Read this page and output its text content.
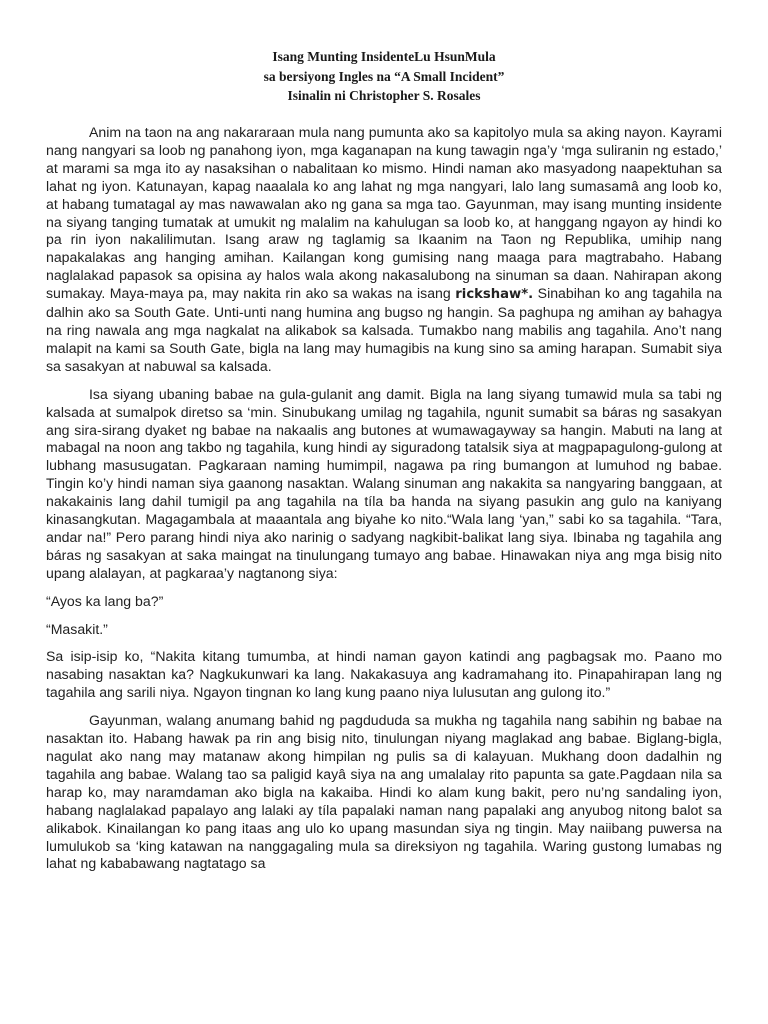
Isang Munting InsidenteLu HsunMula
sa bersiyong Ingles na “A Small Incident”
Isinalin ni Christopher S. Rosales

Anim na taon na ang nakararaan mula nang pumunta ako sa kapitolyo mula sa aking nayon. Kayrami nang nangyari sa loob ng panahong iyon, mga kaganapan na kung tawagin nga’y ‘mga suliranin ng estado,’ at marami sa mga ito ay nasaksihan o nabalitaan ko mismo. Hindi naman ako masyadong naapektuhan sa lahat ng iyon. Katunayan, kapag naaalala ko ang lahat ng mga nangyari, lalo lang sumasamâ ang loob ko, at habang tumatagal ay mas nawawalan ako ng gana sa mga tao. Gayunman, may isang munting insidente na siyang tanging tumatak at umukit ng malalim na kahulugan sa loob ko, at hanggang ngayon ay hindi ko pa rin iyon nakalilimutan. Isang araw ng taglamig sa Ikaanim na Taon ng Republika, umihip nang napakalakas ang hanging amihan. Kailangan kong gumising nang maaga para magtrabaho. Habang naglalakad papasok sa opisina ay halos wala akong nakasalubong na sinuman sa daan. Nahirapan akong sumakay. Maya-maya pa, may nakita rin ako sa wakas na isang rickshaw*. Sinabihan ko ang tagahila na dalhin ako sa South Gate. Unti-unti nang humina ang bugso ng hangin. Sa paghupa ng amihan ay bahagya na ring nawala ang mga nagkalat na alikabok sa kalsada. Tumakbo nang mabilis ang tagahila. Ano’t nang malapit na kami sa South Gate, bigla na lang may humagibis na kung sino sa aming harapan. Sumabit siya sa sasakyan at nabuwal sa kalsada.

Isa siyang ubaning babae na gula-gulanit ang damit. Bigla na lang siyang tumawid mula sa tabi ng kalsada at sumalpok diretso sa ‘min. Sinubukang umilag ng tagahila, ngunit sumabit sa báras ng sasakyan ang sira-sirang dyaket ng babae na nakaalis ang butones at wumawagayway sa hangin. Mabuti na lang at mabagal na noon ang takbo ng tagahila, kung hindi ay siguradong tatalsik siya at magpapagulong-gulong at lubhang masusugatan. Pagkaraan naming humimpil, nagawa pa ring bumangon at lumuhod ng babae. Tingin ko’y hindi naman siya gaanong nasaktan. Walang sinuman ang nakakita sa nangyaring banggaan, at nakakainis lang dahil tumigil pa ang tagahila na tíla ba handa na siyang pasukin ang gulo na kaniyang kinasangkutan. Magagambala at maaantala ang biyahe ko nito.“Wala lang ‘yan,” sabi ko sa tagahila. “Tara, andar na!” Pero parang hindi niya ako narinig o sadyang nagkibit-balikat lang siya. Ibinaba ng tagahila ang báras ng sasakyan at saka maingat na tinulungang tumayo ang babae. Hinawakan niya ang mga bisig nito upang alalayan, at pagkaraa’y nagtanong siya:

“Ayos ka lang ba?”

“Masakit.”

Sa isip-isip ko, “Nakita kitang tumumba, at hindi naman gayon katindi ang pagbagsak mo. Paano mo nasabing nasaktan ka? Nagkukunwari ka lang. Nakakasuya ang kadramahang ito. Pinapahirapan lang ng tagahila ang sarili niya. Ngayon tingnan ko lang kung paano niya lulusutan ang gulong ito.”

Gayunman, walang anumang bahid ng pagdududa sa mukha ng tagahila nang sabihin ng babae na nasaktan ito. Habang hawak pa rin ang bisig nito, tinulungan niyang maglakad ang babae. Biglang-bigla, nagulat ako nang may matanaw akong himpilan ng pulis sa di kalayuan. Mukhang doon dadalhin ng tagahila ang babae. Walang tao sa paligid kayâ siya na ang umalalay rito papunta sa gate.Pagdaan nila sa harap ko, may naramdaman ako bigla na kakaiba. Hindi ko alam kung bakit, pero nu’ng sandaling iyon, habang naglalakad papalayo ang lalaki ay tíla papalaki naman nang papalaki ang anyubog nitong balot sa alikabok. Kinailangan ko pang itaas ang ulo ko upang masundan siya ng tingin. May naiibang puwersa na lumulukob sa ‘king katawan na nanggagaling mula sa direksiyon ng tagahila. Waring gustong lumabas ng lahat ng kababawang nagtatago sa
